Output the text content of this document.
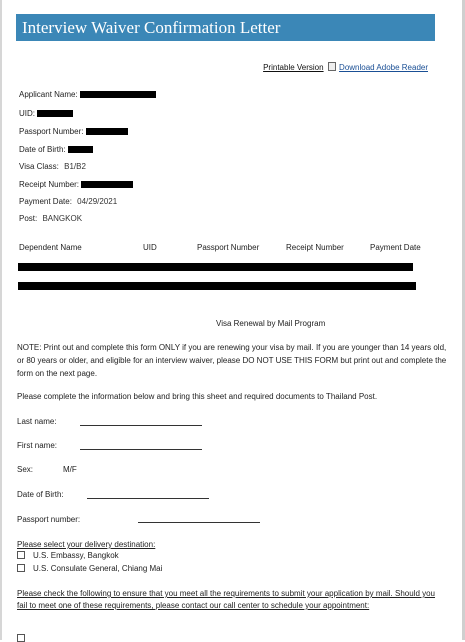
Interview Waiver Confirmation Letter
Printable Version Download Adobe Reader
Applicant Name:
UID:
Passport Number:
Date of Birth:
Visa Class: B1/B2
Receipt Number:
Payment Date: 04/29/2021
Post: BANGKOK
Dependent Name	UID	Passport Number	Receipt Number	Payment Date
Visa Renewal by Mail Program
NOTE: Print out and complete this form ONLY if you are renewing your visa by mail. If you are younger than 14 years old, or 80 years or older, and eligible for an interview waiver, please DO NOT USE THIS FORM but print out and complete the form on the next page.
Please complete the information below and bring this sheet and required documents to Thailand Post.
Last name:
First name:
Sex:	M/F
Date of Birth:
Passport number:
Please select your delivery destination:
U.S. Embassy, Bangkok
U.S. Consulate General, Chiang Mai
Please check the following to ensure that you meet all the requirements to submit your application by mail. Should you fail to meet one of these requirements, please contact our call center to schedule your appointment:
